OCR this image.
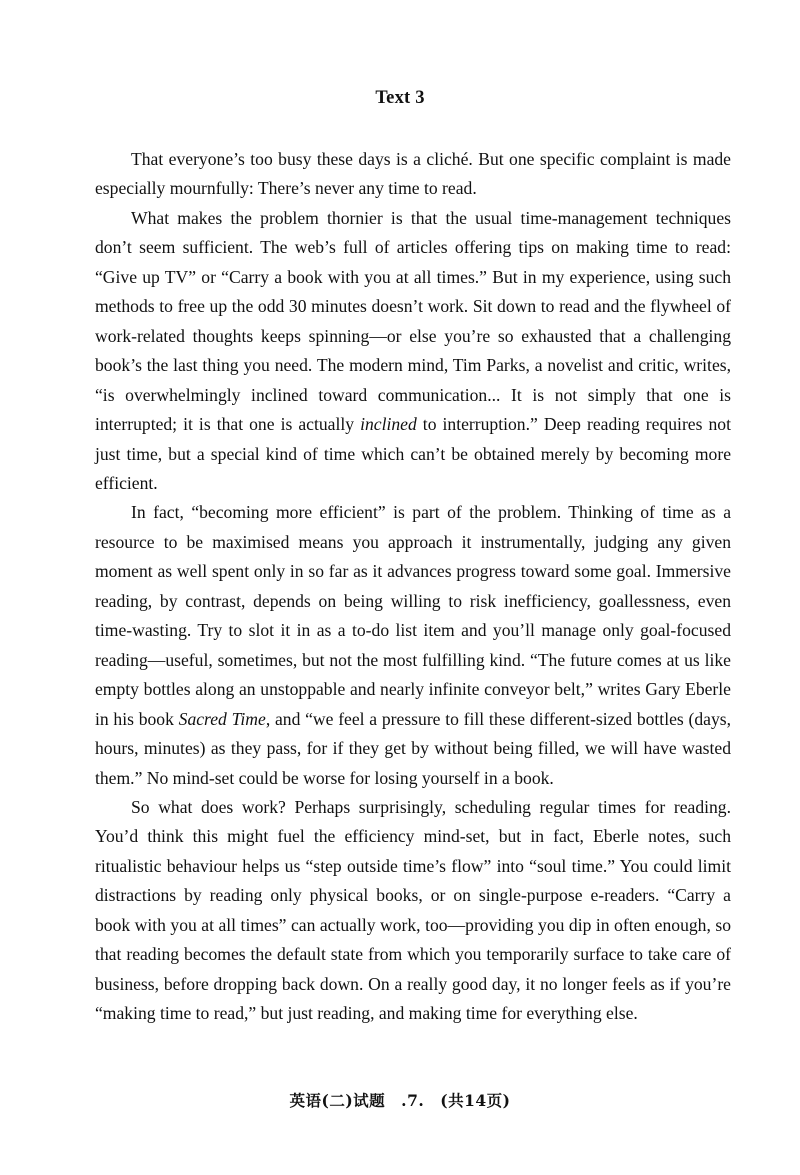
Text 3

That everyone’s too busy these days is a cliché. But one specific complaint is made especially mournfully: There’s never any time to read.

What makes the problem thornier is that the usual time-management techniques don’t seem sufficient. The web’s full of articles offering tips on making time to read: “Give up TV” or “Carry a book with you at all times.” But in my experience, using such methods to free up the odd 30 minutes doesn’t work. Sit down to read and the flywheel of work-related thoughts keeps spinning—or else you’re so exhausted that a challenging book’s the last thing you need. The modern mind, Tim Parks, a novelist and critic, writes, “is overwhelmingly inclined toward communication... It is not simply that one is interrupted; it is that one is actually inclined to interruption.” Deep reading requires not just time, but a special kind of time which can’t be obtained merely by becoming more efficient.

In fact, “becoming more efficient” is part of the problem. Thinking of time as a resource to be maximised means you approach it instrumentally, judging any given moment as well spent only in so far as it advances progress toward some goal. Immersive reading, by contrast, depends on being willing to risk inefficiency, goallessness, even time-wasting. Try to slot it in as a to-do list item and you’ll manage only goal-focused reading—useful, sometimes, but not the most fulfilling kind. “The future comes at us like empty bottles along an unstoppable and nearly infinite conveyor belt,” writes Gary Eberle in his book Sacred Time, and “we feel a pressure to fill these different-sized bottles (days, hours, minutes) as they pass, for if they get by without being filled, we will have wasted them.” No mind-set could be worse for losing yourself in a book.

So what does work? Perhaps surprisingly, scheduling regular times for reading. You’d think this might fuel the efficiency mind-set, but in fact, Eberle notes, such ritualistic behaviour helps us “step outside time’s flow” into “soul time.” You could limit distractions by reading only physical books, or on single-purpose e-readers. “Carry a book with you at all times” can actually work, too—providing you dip in often enough, so that reading becomes the default state from which you temporarily surface to take care of business, before dropping back down. On a really good day, it no longer feels as if you’re “making time to read,” but just reading, and making time for everything else.

英语(二)试题　.7.　(共14页)
